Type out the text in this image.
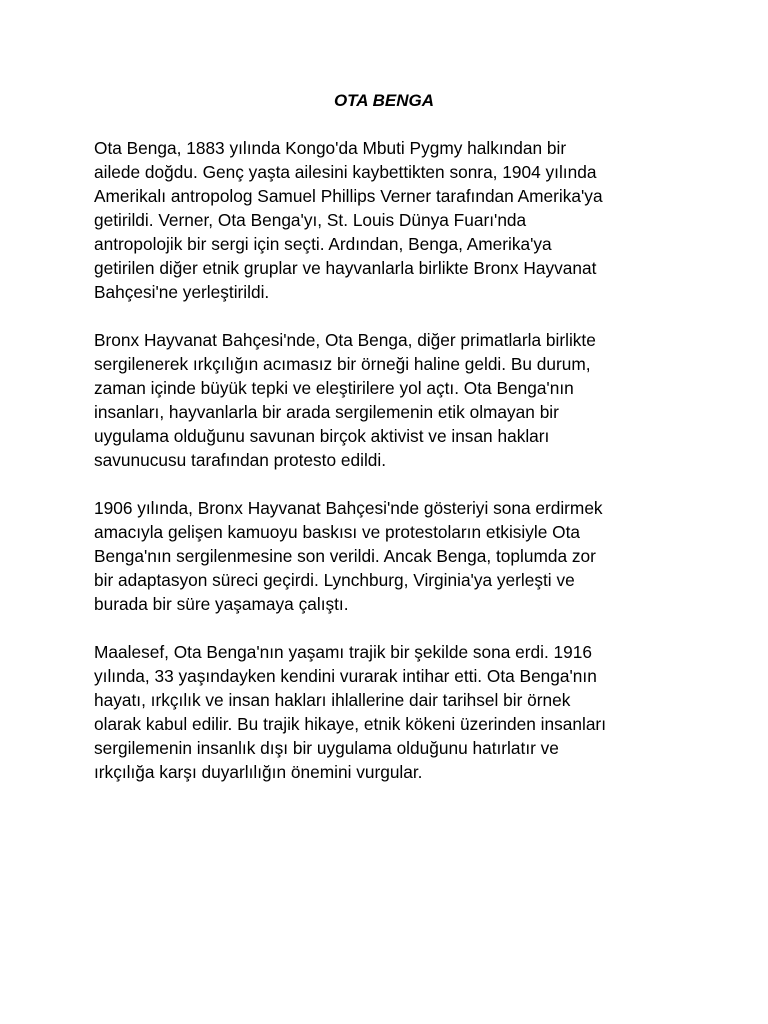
OTA BENGA

Ota Benga, 1883 yılında Kongo'da Mbuti Pygmy halkından bir
ailede doğdu. Genç yaşta ailesini kaybettikten sonra, 1904 yılında
Amerikalı antropolog Samuel Phillips Verner tarafından Amerika'ya
getirildi. Verner, Ota Benga'yı, St. Louis Dünya Fuarı'nda
antropolojik bir sergi için seçti. Ardından, Benga, Amerika'ya
getirilen diğer etnik gruplar ve hayvanlarla birlikte Bronx Hayvanat
Bahçesi'ne yerleştirildi.

Bronx Hayvanat Bahçesi'nde, Ota Benga, diğer primatlarla birlikte
sergilenerek ırkçılığın acımasız bir örneği haline geldi. Bu durum,
zaman içinde büyük tepki ve eleştirilere yol açtı. Ota Benga'nın
insanları, hayvanlarla bir arada sergilemenin etik olmayan bir
uygulama olduğunu savunan birçok aktivist ve insan hakları
savunucusu tarafından protesto edildi.

1906 yılında, Bronx Hayvanat Bahçesi'nde gösteriyi sona erdirmek
amacıyla gelişen kamuoyu baskısı ve protestoların etkisiyle Ota
Benga'nın sergilenmesine son verildi. Ancak Benga, toplumda zor
bir adaptasyon süreci geçirdi. Lynchburg, Virginia'ya yerleşti ve
burada bir süre yaşamaya çalıştı.

Maalesef, Ota Benga'nın yaşamı trajik bir şekilde sona erdi. 1916
yılında, 33 yaşındayken kendini vurarak intihar etti. Ota Benga'nın
hayatı, ırkçılık ve insan hakları ihlallerine dair tarihsel bir örnek
olarak kabul edilir. Bu trajik hikaye, etnik kökeni üzerinden insanları
sergilemenin insanlık dışı bir uygulama olduğunu hatırlatır ve
ırkçılığa karşı duyarlılığın önemini vurgular.
